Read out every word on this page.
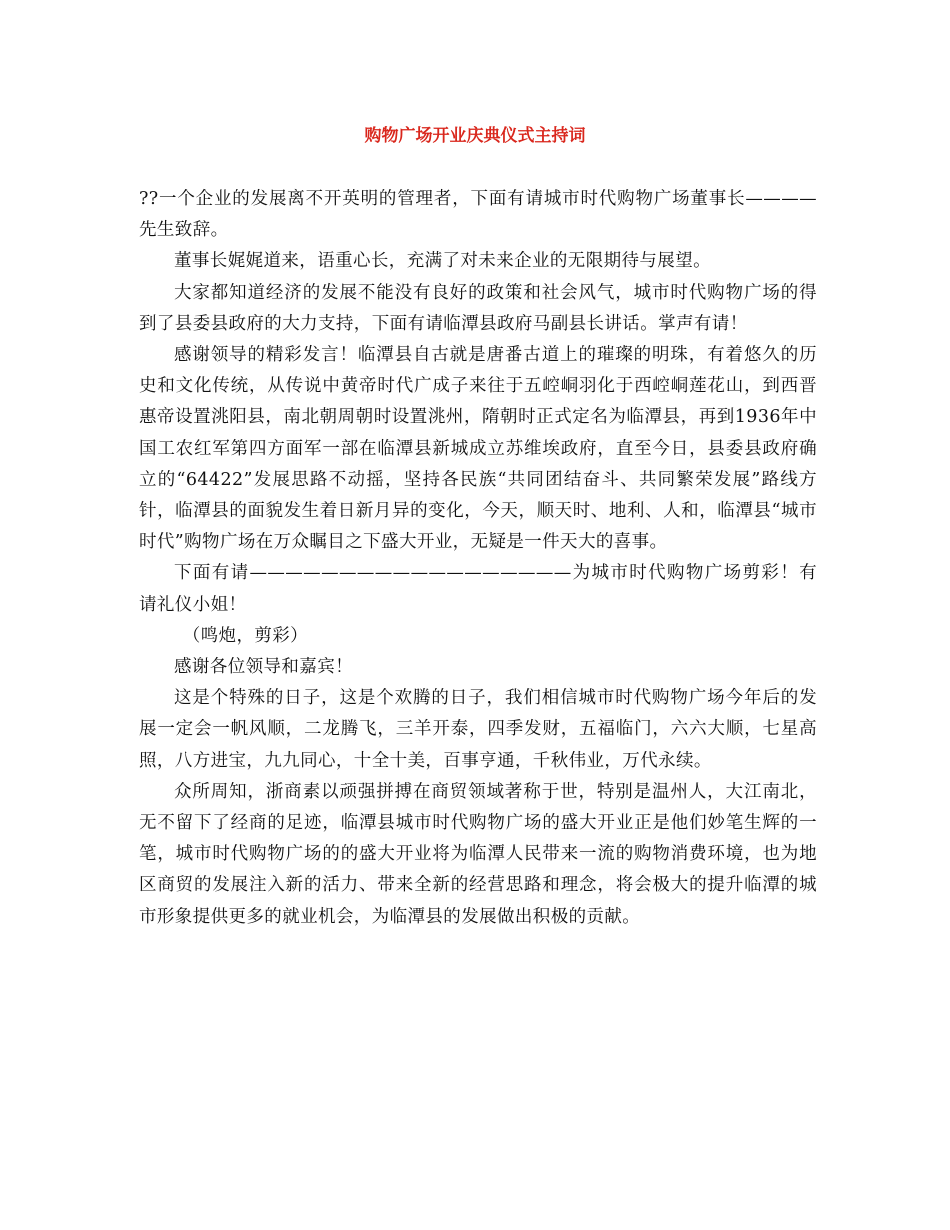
购物广场开业庆典仪式主持词

??一个企业的发展离不开英明的管理者，下面有请城市时代购物广场董事长————先生致辞。

董事长娓娓道来，语重心长，充满了对未来企业的无限期待与展望。

大家都知道经济的发展不能没有良好的政策和社会风气，城市时代购物广场的得到了县委县政府的大力支持，下面有请临潭县政府马副县长讲话。掌声有请！

感谢领导的精彩发言！临潭县自古就是唐番古道上的璀璨的明珠，有着悠久的历史和文化传统，从传说中黄帝时代广成子来往于五崆峒羽化于西崆峒莲花山，到西晋惠帝设置洮阳县，南北朝周朝时设置洮州，隋朝时正式定名为临潭县，再到1936年中国工农红军第四方面军一部在临潭县新城成立苏维埃政府，直至今日，县委县政府确立的“64422”发展思路不动摇，坚持各民族“共同团结奋斗、共同繁荣发展”路线方针，临潭县的面貌发生着日新月异的变化，今天，顺天时、地利、人和，临潭县“城市时代”购物广场在万众瞩目之下盛大开业，无疑是一件天大的喜事。

下面有请——————————————————为城市时代购物广场剪彩！有请礼仪小姐！

（鸣炮，剪彩）

感谢各位领导和嘉宾！

这是个特殊的日子，这是个欢腾的日子，我们相信城市时代购物广场今年后的发展一定会一帆风顺，二龙腾飞，三羊开泰，四季发财，五福临门，六六大顺，七星高照，八方进宝，九九同心，十全十美，百事亨通，千秋伟业，万代永续。

众所周知，浙商素以顽强拼搏在商贸领域著称于世，特别是温州人，大江南北，无不留下了经商的足迹，临潭县城市时代购物广场的盛大开业正是他们妙笔生辉的一笔，城市时代购物广场的的盛大开业将为临潭人民带来一流的购物消费环境，也为地区商贸的发展注入新的活力、带来全新的经营思路和理念，将会极大的提升临潭的城市形象提供更多的就业机会，为临潭县的发展做出积极的贡献。
